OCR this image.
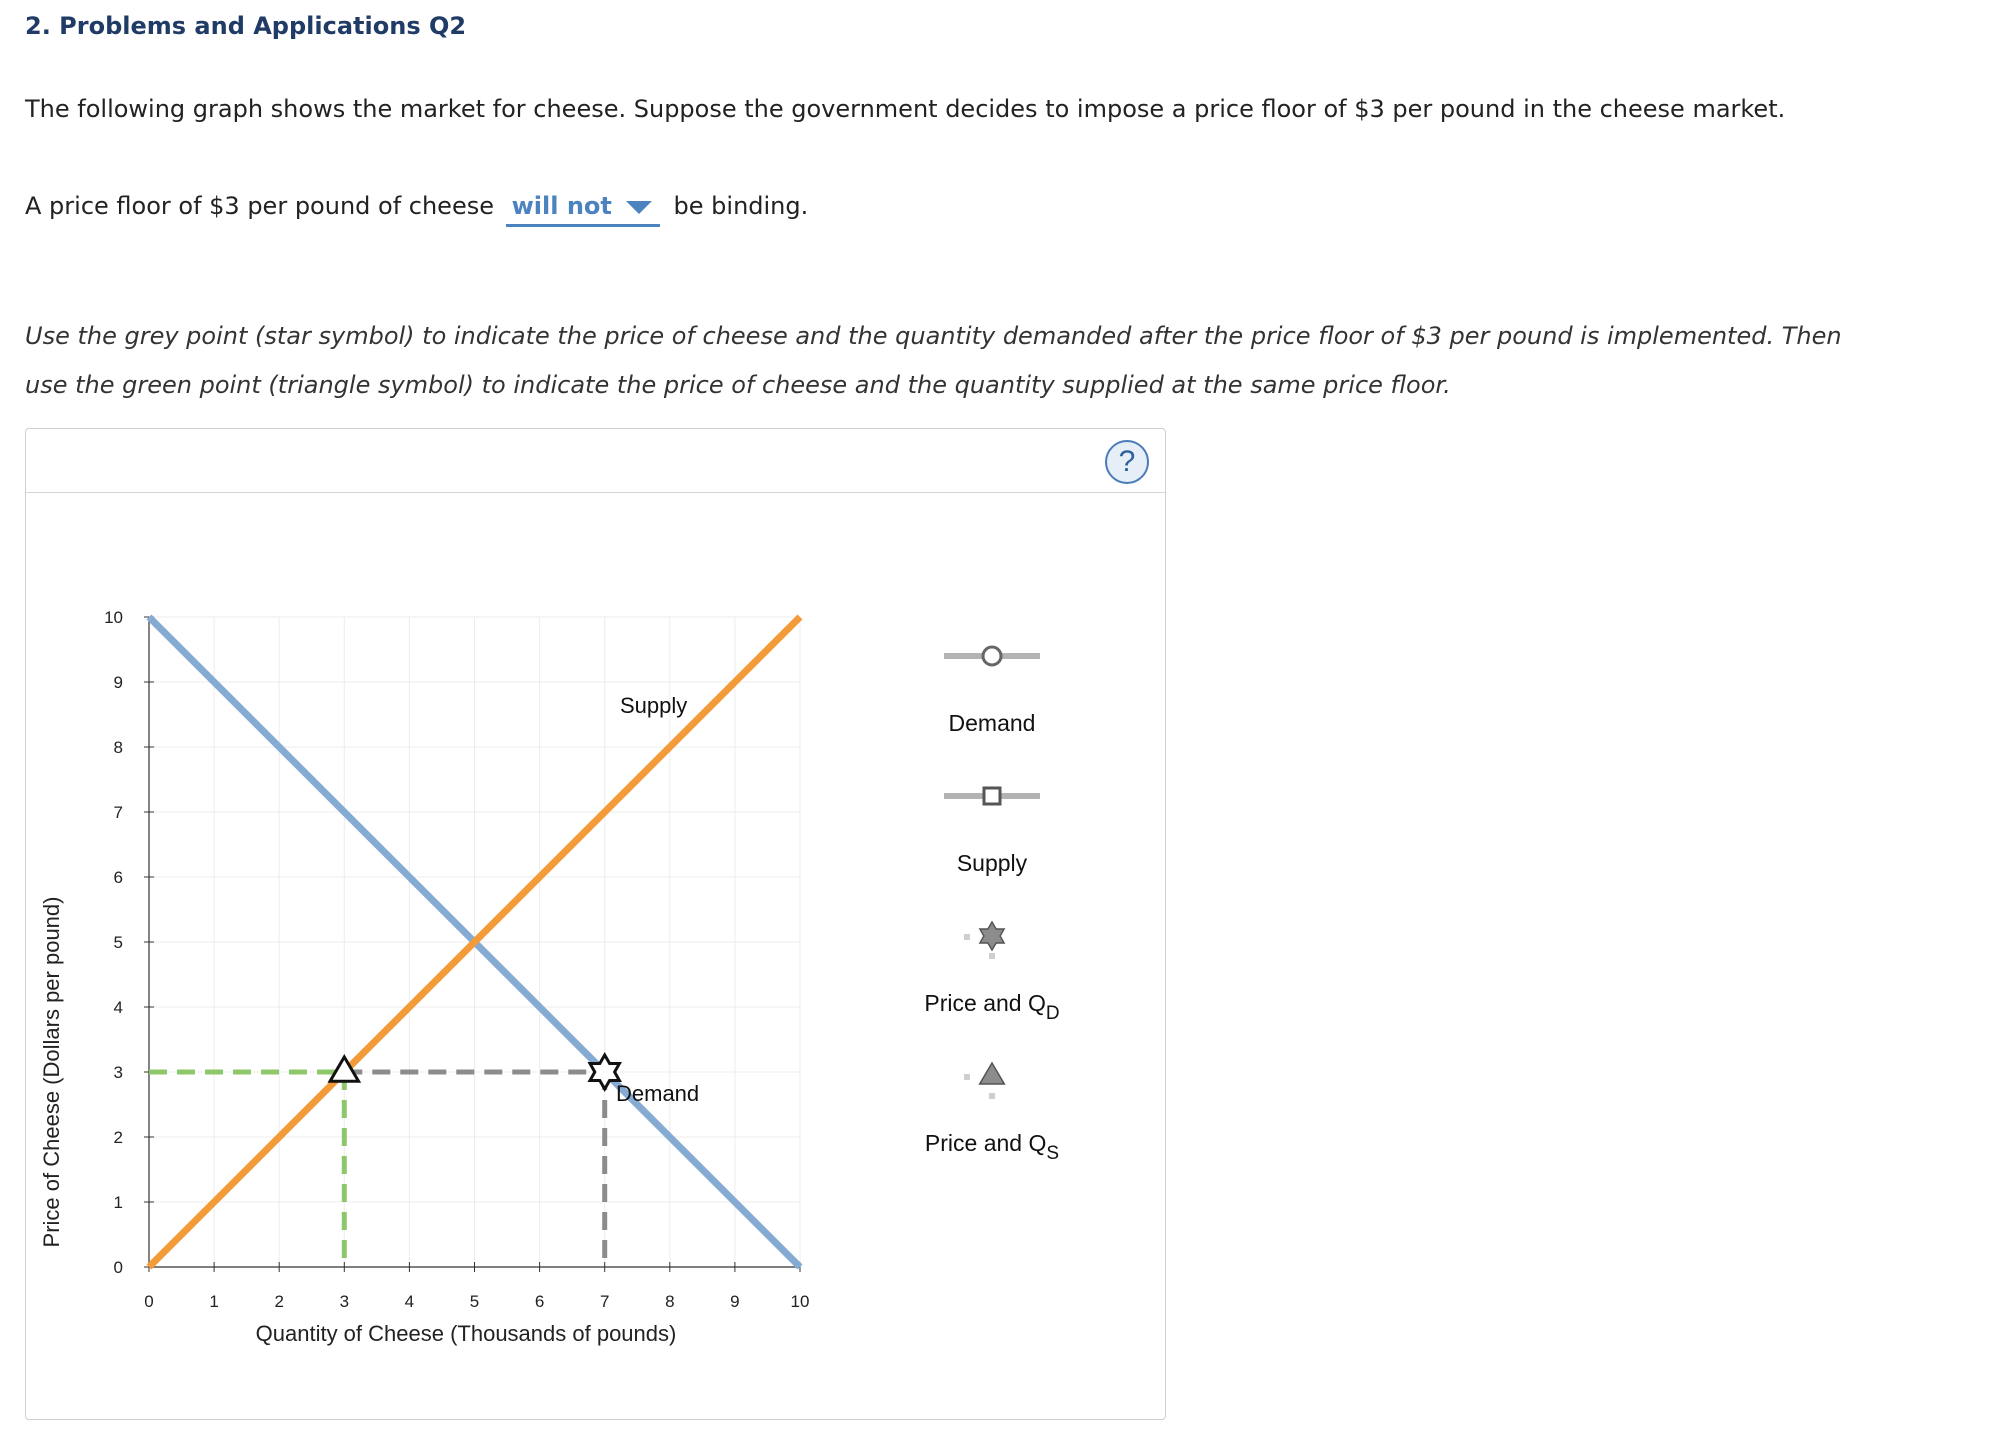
2. Problems and Applications Q2
The following graph shows the market for cheese. Suppose the government decides to impose a price floor of $3 per pound in the cheese market.
A price floor of $3 per pound of cheese will not	be binding.
Use the grey point (star symbol) to indicate the price of cheese and the quantity demanded after the price floor of $3 per pound is implemented. Then
use the green point (triangle symbol) to indicate the price of cheese and the quantity supplied at the same price floor.
?
0	1	2	3	4	5	6	7	8	9	10
0
1
2
3
4
5
6
7
8
9
10
Supply
Demand
Demand
Supply
Price and $Q_D$
Price and $Q_S$
Quantity of Cheese (Thousands of pounds)
Price of Cheese (Dollars per pound)
